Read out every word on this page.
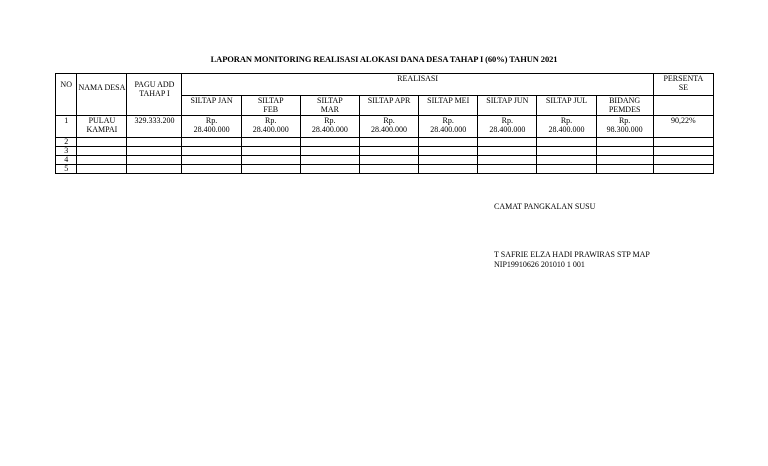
LAPORAN MONITORING REALISASI ALOKASI DANA DESA TAHAP I (60%) TAHUN 2021
NO	NAMA DESA	PAGU ADD TAHAP I	REALISASI								PERSENTASE

			SILTAP JAN	SILTAP FEB	SILTAP MAR	SILTAP APR	SILTAP MEI	SILTAP JUN	SILTAP JUL	BIDANG PEMDES	

1	PULAU KAMPAI	329.333.200	Rp. 28.400.000	Rp. 28.400.000	Rp. 28.400.000	Rp. 28.400.000	Rp. 28.400.000	Rp. 28.400.000	Rp. 28.400.000	Rp. 98.300.000	90,22%
2											
3											
4											
5											
CAMAT PANGKALAN SUSU
T SAFRIE ELZA HADI PRAWIRAS STP MAP
NIP19910626 201010 1 001
